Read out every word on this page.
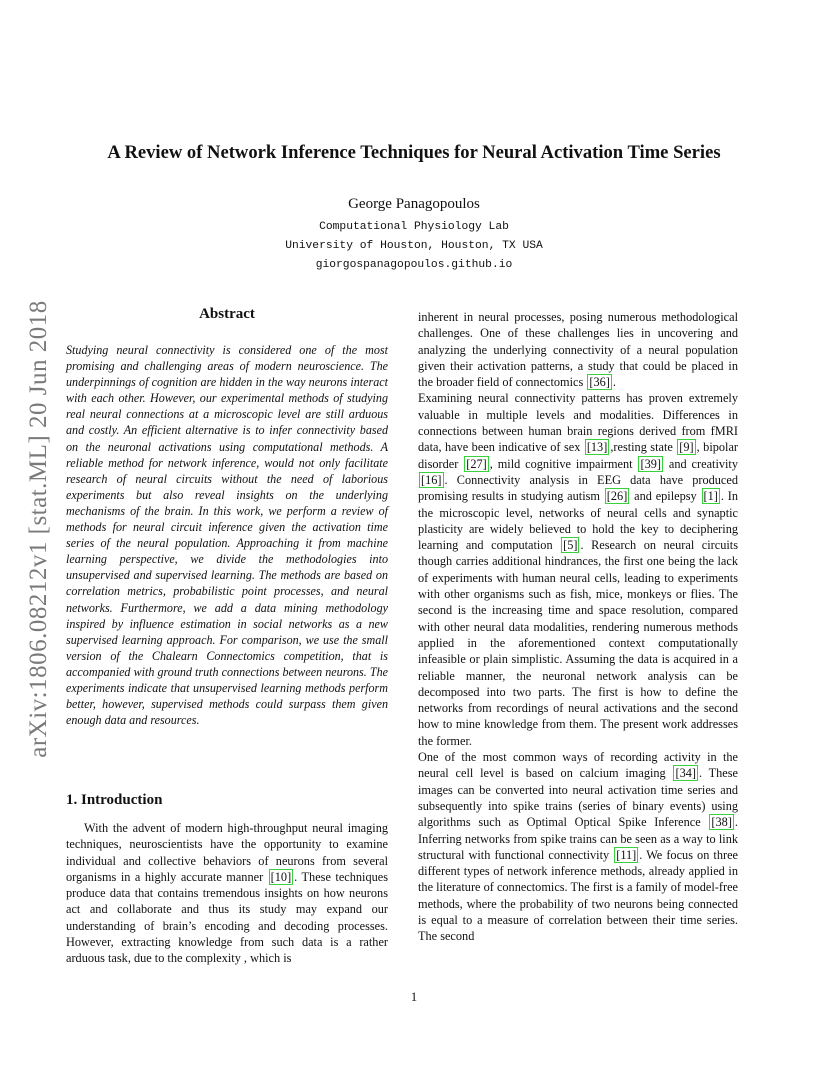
arXiv:1806.08212v1 [stat.ML] 20 Jun 2018
A Review of Network Inference Techniques for Neural Activation Time Series
George Panagopoulos
Computational Physiology Lab
University of Houston, Houston, TX USA
giorgospanagopoulos.github.io
Abstract

Studying neural connectivity is considered one of the most promising and challenging areas of modern neuroscience. The underpinnings of cognition are hidden in the way neurons interact with each other. However, our experimental methods of studying real neural connections at a microscopic level are still arduous and costly. An efficient alternative is to infer connectivity based on the neuronal activations using computational methods. A reliable method for network inference, would not only facilitate research of neural circuits without the need of laborious experiments but also reveal insights on the underlying mechanisms of the brain. In this work, we perform a review of methods for neural circuit inference given the activation time series of the neural population. Approaching it from machine learning perspective, we divide the methodologies into unsupervised and supervised learning. The methods are based on correlation metrics, probabilistic point processes, and neural networks. Furthermore, we add a data mining methodology inspired by influence estimation in social networks as a new supervised learning approach. For comparison, we use the small version of the Chalearn Connectomics competition, that is accompanied with ground truth connections between neurons. The experiments indicate that unsupervised learning methods perform better, however, supervised methods could surpass them given enough data and resources.

1. Introduction

With the advent of modern high-throughput neural imaging techniques, neuroscientists have the opportunity to examine individual and collective behaviors of neurons from several organisms in a highly accurate manner [10] . These techniques produce data that contains tremendous insights on how neurons act and collaborate and thus its study may expand our understanding of brain’s encoding and decoding processes. However, extracting knowledge from such data is a rather arduous task, due to the complexity , which is

inherent in neural processes, posing numerous methodological challenges. One of these challenges lies in uncovering and analyzing the underlying connectivity of a neural population given their activation patterns, a study that could be placed in the broader field of connectomics [36] .

Examining neural connectivity patterns has proven extremely valuable in multiple levels and modalities. Differences in connections between human brain regions derived from fMRI data, have been indicative of sex [13] ,resting state [9] , bipolar disorder [27] , mild cognitive impairment [39] and creativity [16] . Connectivity analysis in EEG data have produced promising results in studying autism [26] and epilepsy [1] . In the microscopic level, networks of neural cells and synaptic plasticity are widely believed to hold the key to deciphering learning and computation [5] . Research on neural circuits though carries additional hindrances, the first one being the lack of experiments with human neural cells, leading to experiments with other organisms such as fish, mice, monkeys or flies. The second is the increasing time and space resolution, compared with other neural data modalities, rendering numerous methods applied in the aforementioned context computationally infeasible or plain simplistic. Assuming the data is acquired in a reliable manner, the neuronal network analysis can be decomposed into two parts. The first is how to define the networks from recordings of neural activations and the second how to mine knowledge from them. The present work addresses the former.

One of the most common ways of recording activity in the neural cell level is based on calcium imaging [34] . These images can be converted into neural activation time series and subsequently into spike trains (series of binary events) using algorithms such as Optimal Optical Spike Inference [38] . Inferring networks from spike trains can be seen as a way to link structural with functional connectivity [11] . We focus on three different types of network inference methods, already applied in the literature of connectomics. The first is a family of model-free methods, where the probability of two neurons being connected is equal to a measure of correlation between their time series. The second

1
